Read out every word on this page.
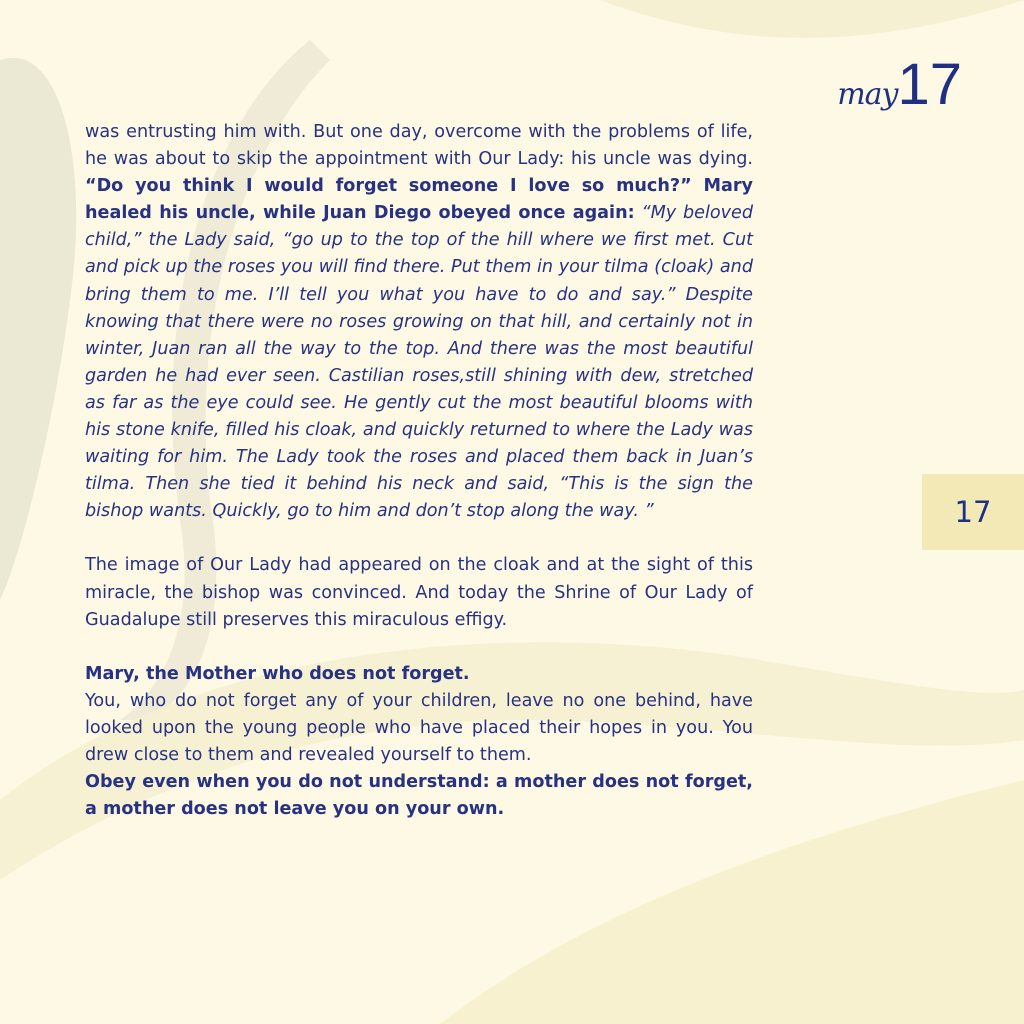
may17
17

was entrusting him with. But one day, overcome with the problems of life, he was about to skip the appointment with Our Lady: his uncle was dying. “Do you think I would forget someone I love so much?” Mary healed his uncle, while Juan Diego obeyed once again: “My beloved child,” the Lady said, “go up to the top of the hill where we first met. Cut and pick up the roses you will find there. Put them in your tilma (cloak) and bring them to me. I’ll tell you what you have to do and say.” Despite knowing that there were no roses growing on that hill, and certainly not in winter, Juan ran all the way to the top. And there was the most beautiful garden he had ever seen. Castilian roses,still shining with dew, stretched as far as the eye could see. He gently cut the most beautiful blooms with his stone knife, filled his cloak, and quickly returned to where the Lady was waiting for him. The Lady took the roses and placed them back in Juan’s tilma. Then she tied it behind his neck and said, “This is the sign the bishop wants. Quickly, go to him and don’t stop along the way. ”

The image of Our Lady had appeared on the cloak and at the sight of this miracle, the bishop was convinced. And today the Shrine of Our Lady of Guadalupe still preserves this miraculous effigy.

Mary, the Mother who does not forget.
You, who do not forget any of your children, leave no one behind, have looked upon the young people who have placed their hopes in you. You drew close to them and revealed yourself to them.
Obey even when you do not understand: a mother does not forget, a mother does not leave you on your own.
